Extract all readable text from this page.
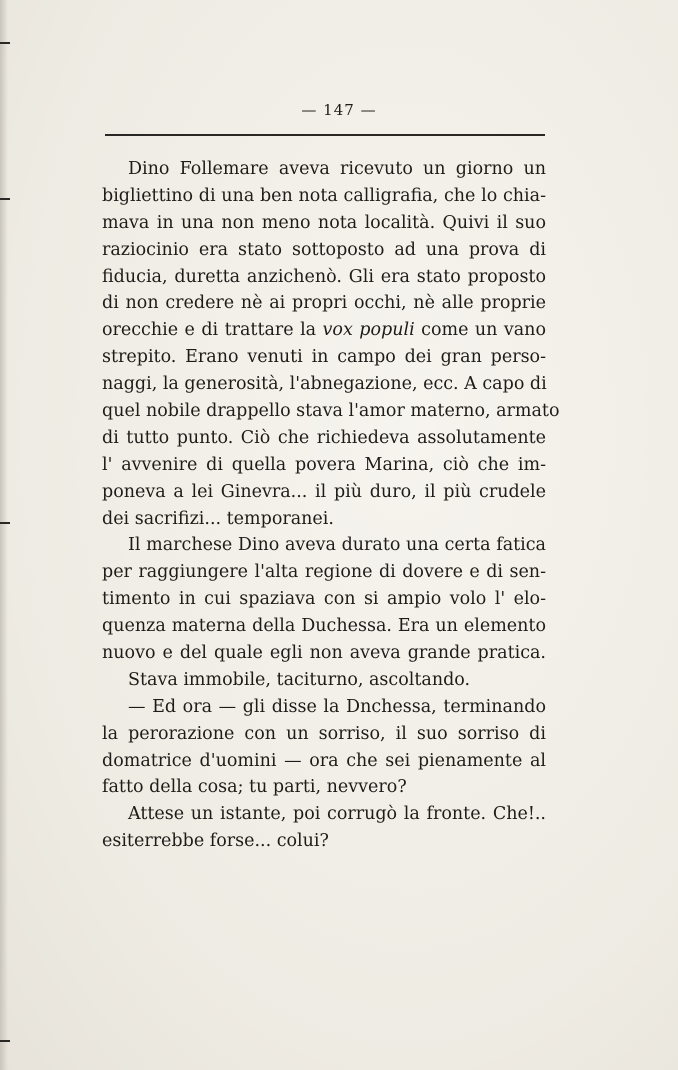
— 147 —
Dino Follemare aveva ricevuto un giorno un
bigliettino di una ben nota calligrafia, che lo chia-
mava in una non meno nota località. Quivi il suo
raziocinio era stato sottoposto ad una prova di
fiducia, duretta anzichenò. Gli era stato proposto
di non credere nè ai propri occhi, nè alle proprie
orecchie e di trattare la vox populi come un vano
strepito. Erano venuti in campo dei gran perso-
naggi, la generosità, l'abnegazione, ecc. A capo di
quel nobile drappello stava l'amor materno, armato
di tutto punto. Ciò che richiedeva assolutamente
l' avvenire di quella povera Marina, ciò che im-
poneva a lei Ginevra... il più duro, il più crudele
dei sacrifizi... temporanei.
Il marchese Dino aveva durato una certa fatica
per raggiungere l'alta regione di dovere e di sen-
timento in cui spaziava con si ampio volo l' elo-
quenza materna della Duchessa. Era un elemento
nuovo e del quale egli non aveva grande pratica.
Stava immobile, taciturno, ascoltando.
— Ed ora — gli disse la Dnchessa, terminando
la perorazione con un sorriso, il suo sorriso di
domatrice d'uomini — ora che sei pienamente al
fatto della cosa; tu parti, nevvero?
Attese un istante, poi corrugò la fronte. Che!..
esiterrebbe forse... colui?
